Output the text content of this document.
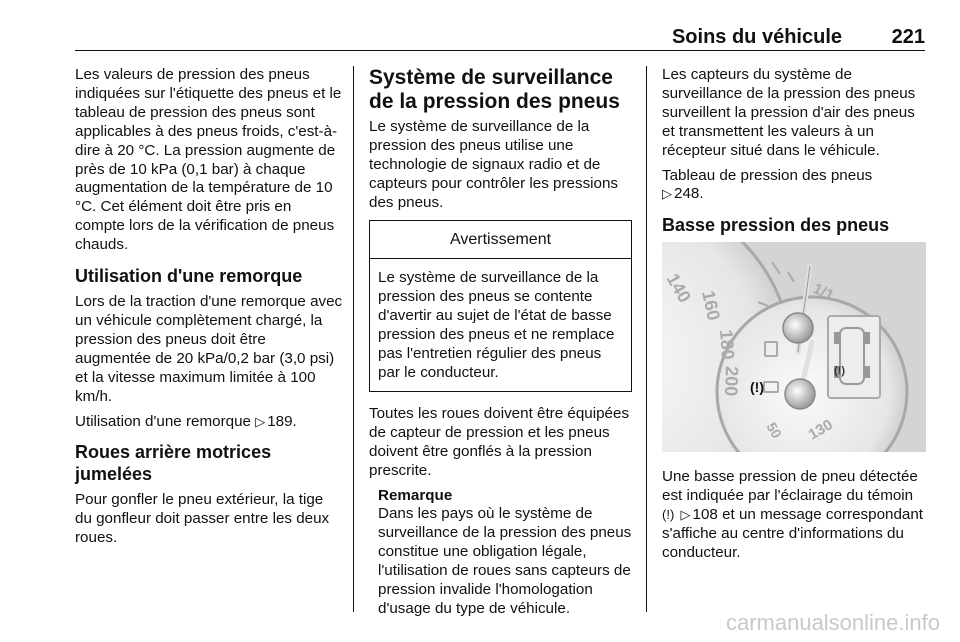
Soins du véhicule 221

Les valeurs de pression des pneus indiquées sur l'étiquette des pneus et le tableau de pression des pneus sont applicables à des pneus froids, c'est-à-dire à 20 °C. La pression augmente de près de 10 kPa (0,1 bar) à chaque augmentation de la température de 10 °C. Cet élément doit être pris en compte lors de la vérification de pneus chauds.

Utilisation d'une remorque

Lors de la traction d'une remorque avec un véhicule complètement chargé, la pression des pneus doit être augmentée de 20 kPa/0,2 bar (3,0 psi) et la vitesse maximum limitée à 100 km/h.

Utilisation d'une remorque ▷ 189.

Roues arrière motrices jumelées

Pour gonfler le pneu extérieur, la tige du gonfleur doit passer entre les deux roues.

Système de surveillance de la pression des pneus

Le système de surveillance de la pression des pneus utilise une technologie de signaux radio et de capteurs pour contrôler les pressions des pneus.

Avertissement
Le système de surveillance de la pression des pneus se contente d'avertir au sujet de l'état de basse pression des pneus et ne remplace pas l'entretien régulier des pneus par le conducteur.

Toutes les roues doivent être équipées de capteur de pression et les pneus doivent être gonflés à la pression prescrite.

Remarque
Dans les pays où le système de surveillance de la pression des pneus constitue une obligation légale, l'utilisation de roues sans capteurs de pression invalide l'homologation d'usage du type de véhicule.

Les capteurs du système de surveillance de la pression des pneus surveillent la pression d'air des pneus et transmettent les valeurs à un récepteur situé dans le véhicule.

Tableau de pression des pneus
▷ 248.

Basse pression des pneus
140 160
180
200
1/1
130
50
(!)
(!)

Une basse pression de pneu détectée est indiquée par l'éclairage du témoin (!) ▷ 108 et un message correspondant s'affiche au centre d'informations du conducteur.

carmanualsonline.info
